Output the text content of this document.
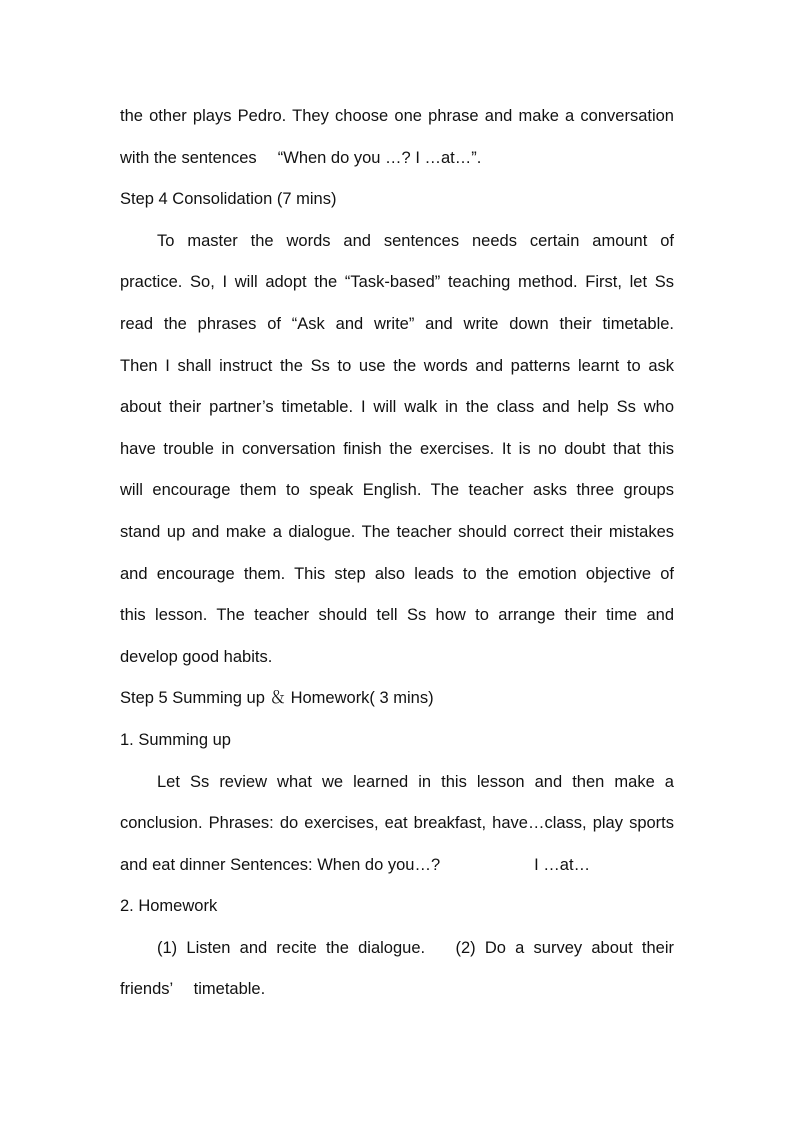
the other plays Pedro. They choose one phrase and make a conversation
with the sentences 　“When do you …? I …at…”.
Step 4 Consolidation (7 mins)
To master the words and sentences needs certain amount of
practice. So, I will adopt the “Task-based” teaching method. First, let Ss
read the phrases of “Ask and write” and write down their timetable.
Then I shall instruct the Ss to use the words and patterns learnt to ask
about their partner’s timetable. I will walk in the class and help Ss who
have trouble in conversation finish the exercises. It is no doubt that this
will encourage them to speak English. The teacher asks three groups
stand up and make a dialogue. The teacher should correct their mistakes
and encourage them. This step also leads to the emotion objective of
this lesson. The teacher should tell Ss how to arrange their time and
develop good habits.
Step 5 Summing up ＆ Homework( 3 mins)
1. Summing up
Let Ss review what we learned in this lesson and then make a
conclusion. Phrases: do exercises, eat breakfast, have…class, play sports
and eat dinner Sentences: When do you…?	I …at…
2. Homework
(1) Listen and recite the dialogue. 　(2) Do a survey about their
friends’ 　timetable.
